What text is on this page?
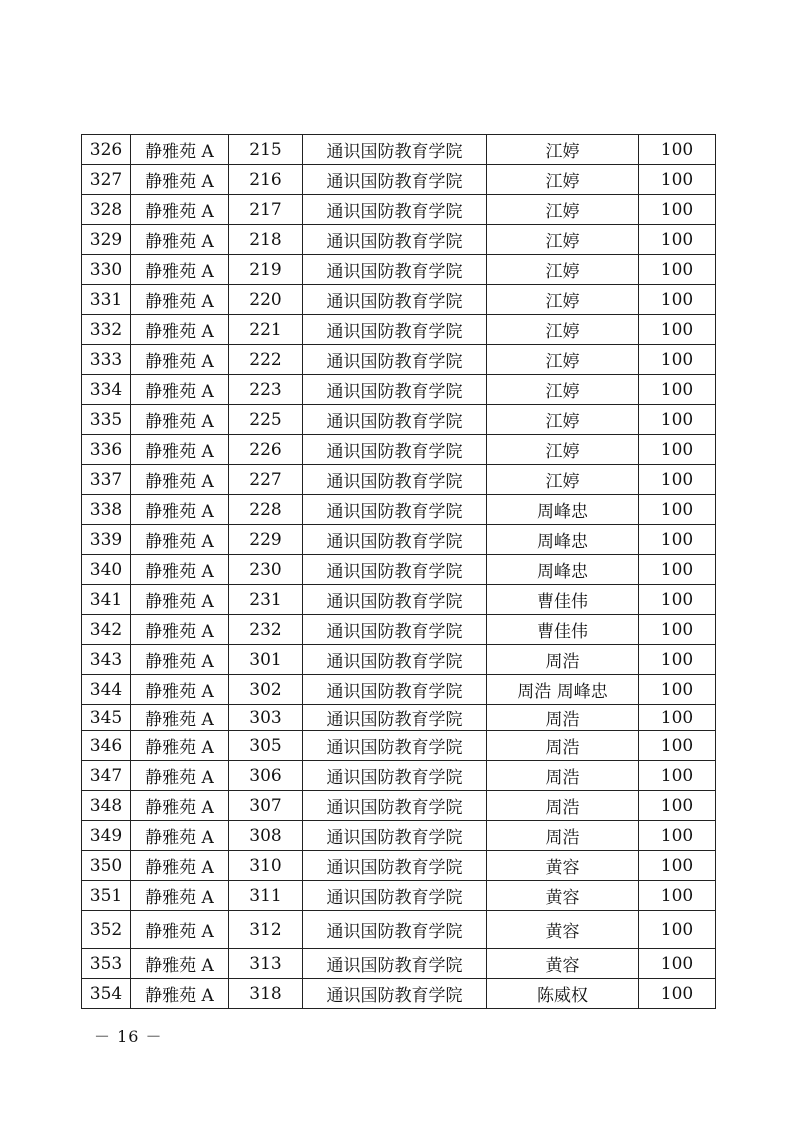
326	静雅苑 A	215	通识国防教育学院	江婷	100
327	静雅苑 A	216	通识国防教育学院	江婷	100
328	静雅苑 A	217	通识国防教育学院	江婷	100
329	静雅苑 A	218	通识国防教育学院	江婷	100
330	静雅苑 A	219	通识国防教育学院	江婷	100
331	静雅苑 A	220	通识国防教育学院	江婷	100
332	静雅苑 A	221	通识国防教育学院	江婷	100
333	静雅苑 A	222	通识国防教育学院	江婷	100
334	静雅苑 A	223	通识国防教育学院	江婷	100
335	静雅苑 A	225	通识国防教育学院	江婷	100
336	静雅苑 A	226	通识国防教育学院	江婷	100
337	静雅苑 A	227	通识国防教育学院	江婷	100
338	静雅苑 A	228	通识国防教育学院	周峰忠	100
339	静雅苑 A	229	通识国防教育学院	周峰忠	100
340	静雅苑 A	230	通识国防教育学院	周峰忠	100
341	静雅苑 A	231	通识国防教育学院	曹佳伟	100
342	静雅苑 A	232	通识国防教育学院	曹佳伟	100
343	静雅苑 A	301	通识国防教育学院	周浩	100
344	静雅苑 A	302	通识国防教育学院	周浩 周峰忠	100
345	静雅苑 A	303	通识国防教育学院	周浩	100
346	静雅苑 A	305	通识国防教育学院	周浩	100
347	静雅苑 A	306	通识国防教育学院	周浩	100
348	静雅苑 A	307	通识国防教育学院	周浩	100
349	静雅苑 A	308	通识国防教育学院	周浩	100
350	静雅苑 A	310	通识国防教育学院	黄容	100
351	静雅苑 A	311	通识国防教育学院	黄容	100
352	静雅苑 A	312	通识国防教育学院	黄容	100
353	静雅苑 A	313	通识国防教育学院	黄容	100
354	静雅苑 A	318	通识国防教育学院	陈威权	100
－ 16 －
